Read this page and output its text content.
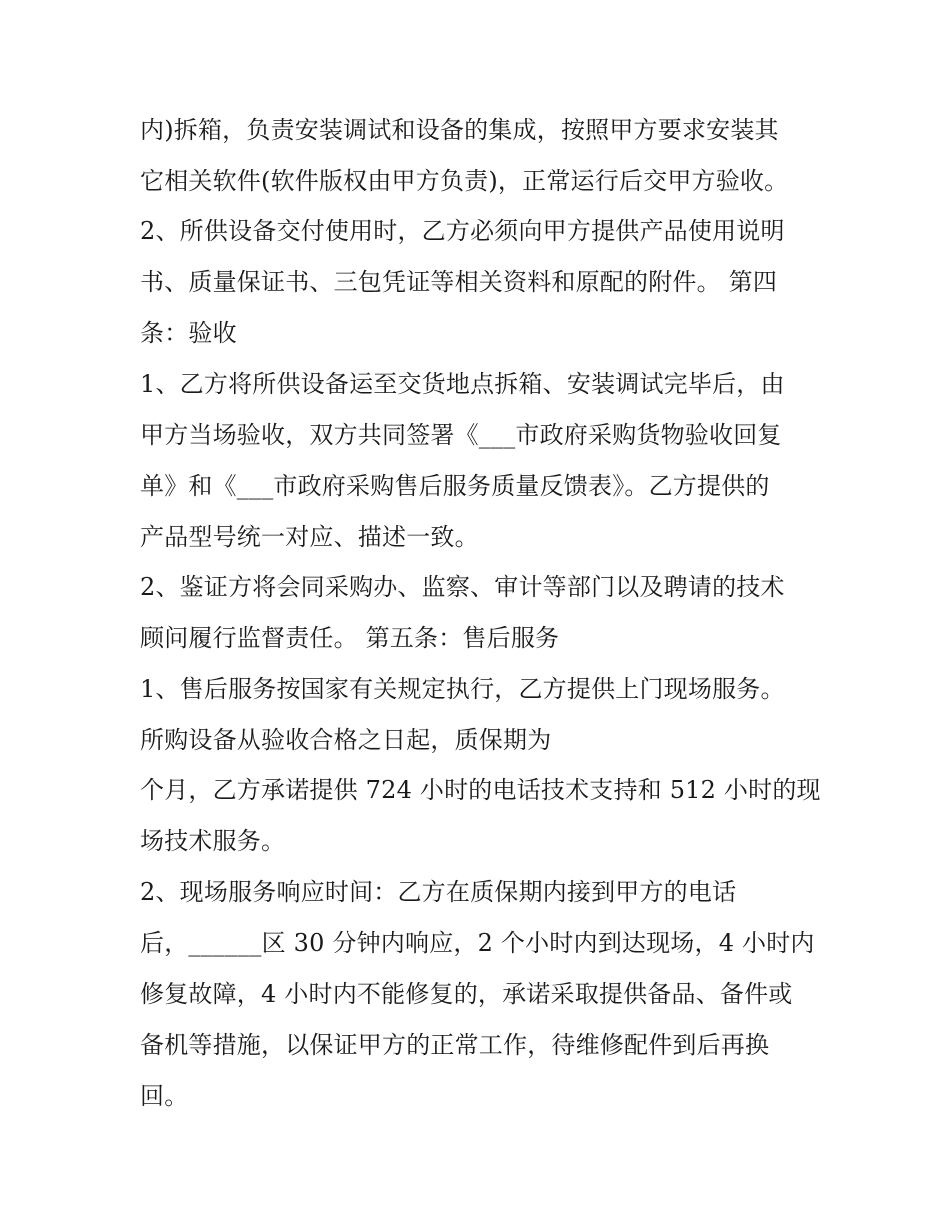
内)拆箱，负责安装调试和设备的集成，按照甲方要求安装其
它相关软件(软件版权由甲方负责)，正常运行后交甲方验收。
2、所供设备交付使用时，乙方必须向甲方提供产品使用说明
书、质量保证书、三包凭证等相关资料和原配的附件。 第四
条：验收
1、乙方将所供设备运至交货地点拆箱、安装调试完毕后，由
甲方当场验收，双方共同签署《___市政府采购货物验收回复
单》和《___市政府采购售后服务质量反馈表》。乙方提供的
产品型号统一对应、描述一致。
2、鉴证方将会同采购办、监察、审计等部门以及聘请的技术
顾问履行监督责任。 第五条：售后服务
1、售后服务按国家有关规定执行，乙方提供上门现场服务。
所购设备从验收合格之日起，质保期为
个月，乙方承诺提供 724 小时的电话技术支持和 512 小时的现
场技术服务。
2、现场服务响应时间：乙方在质保期内接到甲方的电话
后，______区 30 分钟内响应，2 个小时内到达现场，4 小时内
修复故障，4 小时内不能修复的，承诺采取提供备品、备件或
备机等措施，以保证甲方的正常工作，待维修配件到后再换
回。
